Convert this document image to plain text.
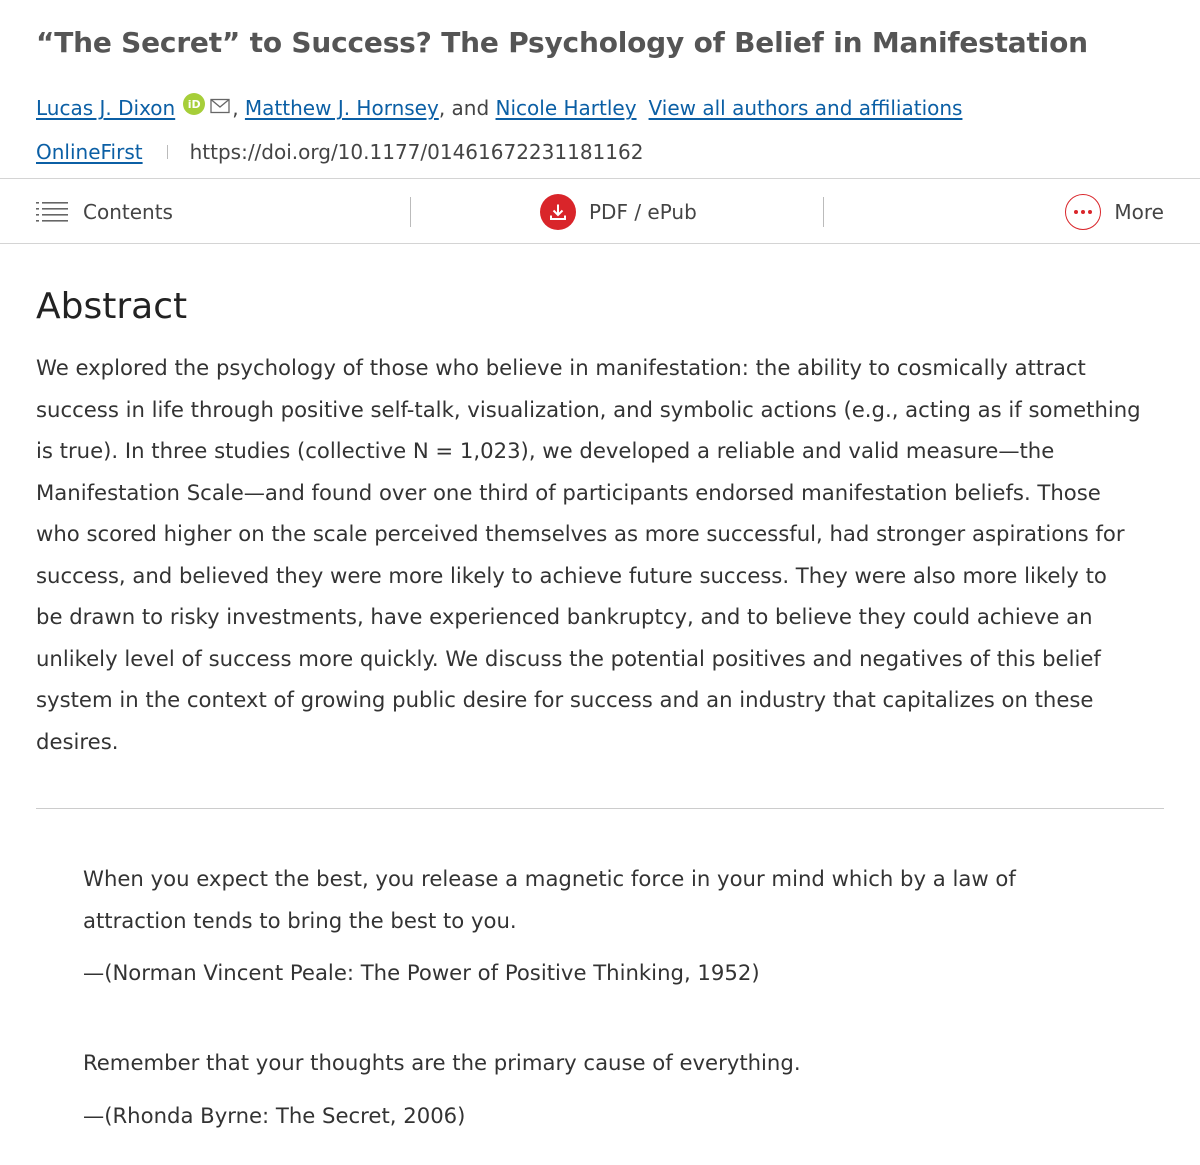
“The Secret” to Success? The Psychology of Belief in Manifestation
Lucas J. Dixon	iD ,
Matthew J. Hornsey , and
Nicole Hartley View all authors and affiliations
OnlineFirst https://doi.org/10.1177/01461672231181162
Contents	PDF / ePub	More
Abstract
We explored the psychology of those who believe in manifestation: the ability to cosmically attract
success in life through positive self-talk, visualization, and symbolic actions (e.g., acting as if something
is true). In three studies (collective N = 1,023), we developed a reliable and valid measure—the
Manifestation Scale—and found over one third of participants endorsed manifestation beliefs. Those
who scored higher on the scale perceived themselves as more successful, had stronger aspirations for
success, and believed they were more likely to achieve future success. They were also more likely to
be drawn to risky investments, have experienced bankruptcy, and to believe they could achieve an
unlikely level of success more quickly. We discuss the potential positives and negatives of this belief
system in the context of growing public desire for success and an industry that capitalizes on these
desires.
When you expect the best, you release a magnetic force in your mind which by a law of
attraction tends to bring the best to you.
—(Norman Vincent Peale: The Power of Positive Thinking, 1952)
Remember that your thoughts are the primary cause of everything.
—(Rhonda Byrne: The Secret, 2006)
